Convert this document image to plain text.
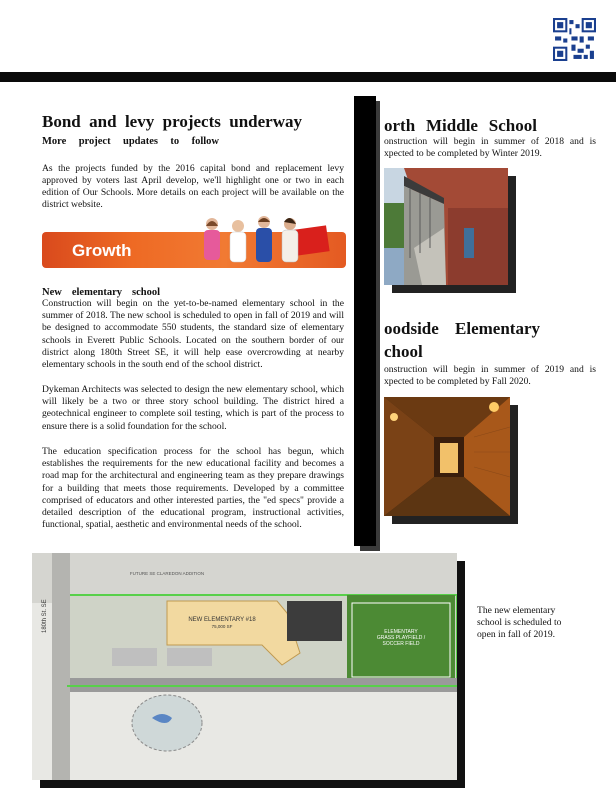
Bond and levy projects underway
More project updates to follow
As the projects funded by the 2016 capital bond and replacement levy approved by voters last April develop, we'll highlight one or two in each edition of Our Schools. More details on each project will be available on the district website.
Growth
New elementary school
Construction will begin on the yet-to-be-named elementary school in the summer of 2018. The new school is scheduled to open in fall of 2019 and will be designed to accommodate 550 students, the standard size of elementary schools in Everett Public Schools. Located on the southern border of our district along 180th Street SE, it will help ease overcrowding at nearby elementary schools in the south end of the school district.
Dykeman Architects was selected to design the new elementary school, which will likely be a two or three story school building. The district hired a geotechnical engineer to complete soil testing, which is part of the process to ensure there is a solid foundation for the school.
The education specification process for the school has begun, which establishes the requirements for the new educational facility and becomes a road map for the architectural and engineering team as they prepare drawings for a building that meets those requirements. Developed by a committee comprised of educators and other interested parties, the "ed specs" provide a detailed description of the educational program, instructional activities, functional, spatial, aesthetic and environmental needs of the school.
orth Middle School
onstruction will begin in summer of 2018 and is xpected to be completed by Winter 2019.
oodside Elementary
chool
onstruction will begin in summer of 2019 and is xpected to be completed by Fall 2020.
ELEMENTARY
GRASS PLAYFIELD /
SOCCER FIELD
NEW ELEMENTARY #18
75,000 SF
180th St. SE
FUTURE SE CLAREDON ADDITION
The new elementary school is scheduled to open in fall of 2019.
